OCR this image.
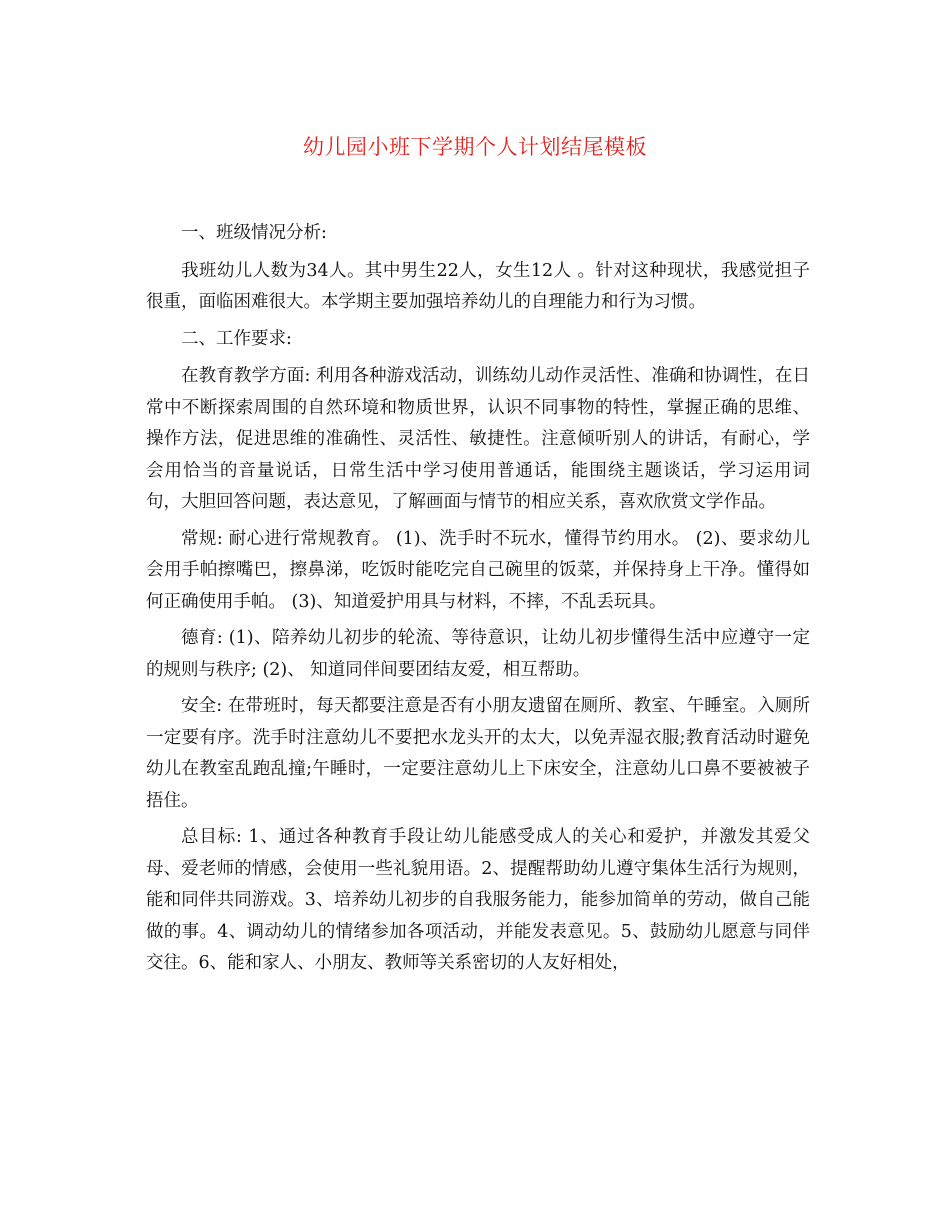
幼儿园小班下学期个人计划结尾模板

一、班级情况分析:

我班幼儿人数为34人。其中男生22人，女生12人 。针对这种现状，我感觉担子很重，面临困难很大。本学期主要加强培养幼儿的自理能力和行为习惯。

二、工作要求:

在教育教学方面: 利用各种游戏活动，训练幼儿动作灵活性、准确和协调性，在日常中不断探索周围的自然环境和物质世界，认识不同事物的特性，掌握正确的思维、操作方法，促进思维的准确性、灵活性、敏捷性。注意倾听别人的讲话，有耐心，学会用恰当的音量说话，日常生活中学习使用普通话，能围绕主题谈话，学习运用词句，大胆回答问题，表达意见，了解画面与情节的相应关系，喜欢欣赏文学作品。

常规: 耐心进行常规教育。 (1)、洗手时不玩水，懂得节约用水。 (2)、要求幼儿会用手帕擦嘴巴，擦鼻涕，吃饭时能吃完自己碗里的饭菜，并保持身上干净。懂得如何正确使用手帕。 (3)、知道爱护用具与材料，不摔，不乱丢玩具。

德育: (1)、陪养幼儿初步的轮流、等待意识，让幼儿初步懂得生活中应遵守一定的规则与秩序; (2)、 知道同伴间要团结友爱，相互帮助。

安全: 在带班时，每天都要注意是否有小朋友遗留在厕所、教室、午睡室。入厕所 一定要有序。洗手时注意幼儿不要把水龙头开的太大，以免弄湿衣服;教育活动时避免幼儿在教室乱跑乱撞;午睡时，一定要注意幼儿上下床安全，注意幼儿口鼻不要被被子捂住。

总目标: 1、通过各种教育手段让幼儿能感受成人的关心和爱护，并激发其爱父母、爱老师的情感，会使用一些礼貌用语。2、提醒帮助幼儿遵守集体生活行为规则，能和同伴共同游戏。3、培养幼儿初步的自我服务能力，能参加简单的劳动，做自己能做的事。4、调动幼儿的情绪参加各项活动，并能发表意见。5、鼓励幼儿愿意与同伴交往。6、能和家人、小朋友、教师等关系密切的人友好相处，
